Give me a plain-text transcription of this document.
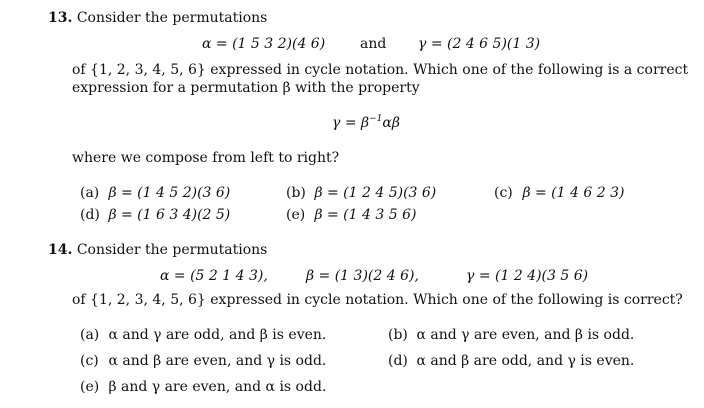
13. Consider the permutations
α = (1 5 3 2)(4 6) and γ = (2 4 6 5)(1 3)
of {1, 2, 3, 4, 5, 6} expressed in cycle notation. Which one of the following is a correct
expression for a permutation β with the property
$\gamma = \beta^{-1}\alpha\beta$
where we compose from left to right?
(a) β = (1 4 5 2)(3 6)	(b) β = (1 2 4 5)(3 6)	(c) β = (1 4 6 2 3)
(d) β = (1 6 3 4)(2 5)	(e) β = (1 4 3 5 6)
14. Consider the permutations
α = (5 2 1 4 3),	β = (1 3)(2 4 6),	γ = (1 2 4)(3 5 6)
of {1, 2, 3, 4, 5, 6} expressed in cycle notation. Which one of the following is correct?
(a) α and γ are odd, and β is even.	(b) α and γ are even, and β is odd.
(c) α and β are even, and γ is odd.	(d) α and β are odd, and γ is even.
(e) β and γ are even, and α is odd.
